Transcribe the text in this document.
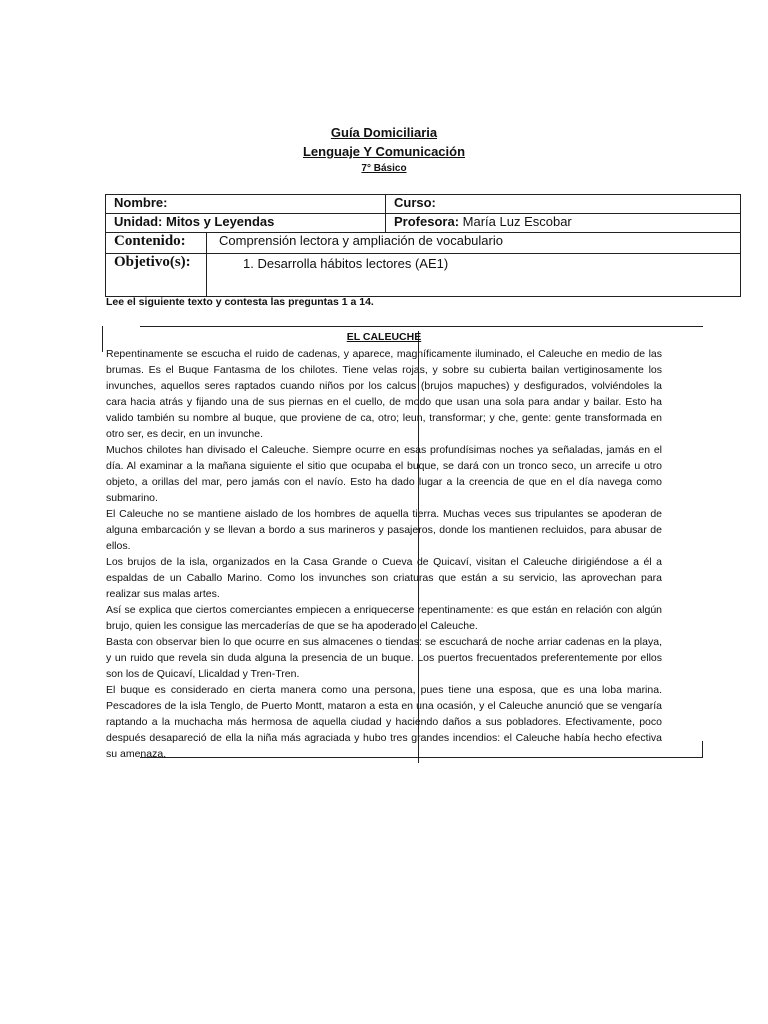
Guía Domiciliaria
Lenguaje Y Comunicación
7° Básico
Nombre:	Curso:
Unidad: Mitos y Leyendas	Profesora: María Luz Escobar

Contenido: Comprensión lectora y ampliación de vocabulario	

Objetivo(s): 1. Desarrolla hábitos lectores (AE1)	
Lee el siguiente texto y contesta las preguntas 1 a 14.
EL CALEUCHE

Repentinamente se escucha el ruido de cadenas, y aparece, magníficamente iluminado, el Caleuche en medio de las brumas. Es el Buque Fantasma de los chilotes. Tiene velas rojas, y sobre su cubierta bailan vertiginosamente los invunches, aquellos seres raptados cuando niños por los calcus (brujos mapuches) y desfigurados, volviéndoles la cara hacia atrás y fijando una de sus piernas en el cuello, de modo que usan una sola para andar y bailar. Esto ha valido también su nombre al buque, que proviene de ca, otro; leun, transformar; y che, gente: gente transformada en otro ser, es decir, en un invunche.

Muchos chilotes han divisado el Caleuche. Siempre ocurre en esas profundísimas noches ya señaladas, jamás en el día. Al examinar a la mañana siguiente el sitio que ocupaba el buque, se dará con un tronco seco, un arrecife u otro objeto, a orillas del mar, pero jamás con el navío. Esto ha dado lugar a la creencia de que en el día navega como submarino.

El Caleuche no se mantiene aislado de los hombres de aquella tierra. Muchas veces sus tripulantes se apoderan de alguna embarcación y se llevan a bordo a sus marineros y pasajeros, donde los mantienen recluidos, para abusar de ellos.

Los brujos de la isla, organizados en la Casa Grande o Cueva de Quicaví, visitan el Caleuche dirigiéndose a él a espaldas de un Caballo Marino. Como los invunches son criaturas que están a su servicio, las aprovechan para realizar sus malas artes.

Así se explica que ciertos comerciantes empiecen a enriquecerse repentinamente: es que están en relación con algún brujo, quien les consigue las mercaderías de que se ha apoderado el Caleuche.

Basta con observar bien lo que ocurre en sus almacenes o tiendas: se escuchará de noche arriar cadenas en la playa, y un ruido que revela sin duda alguna la presencia de un buque. Los puertos frecuentados preferentemente por ellos son los de Quicaví, Llicaldad y Tren-Tren.

El buque es considerado en cierta manera como una persona, pues tiene una esposa, que es una loba marina. Pescadores de la isla Tenglo, de Puerto Montt, mataron a esta en una ocasión, y el Caleuche anunció que se vengaría raptando a la muchacha más hermosa de aquella ciudad y haciendo daños a sus pobladores. Efectivamente, poco después desapareció de ella la niña más agraciada y hubo tres grandes incendios: el Caleuche había hecho efectiva su amenaza.
